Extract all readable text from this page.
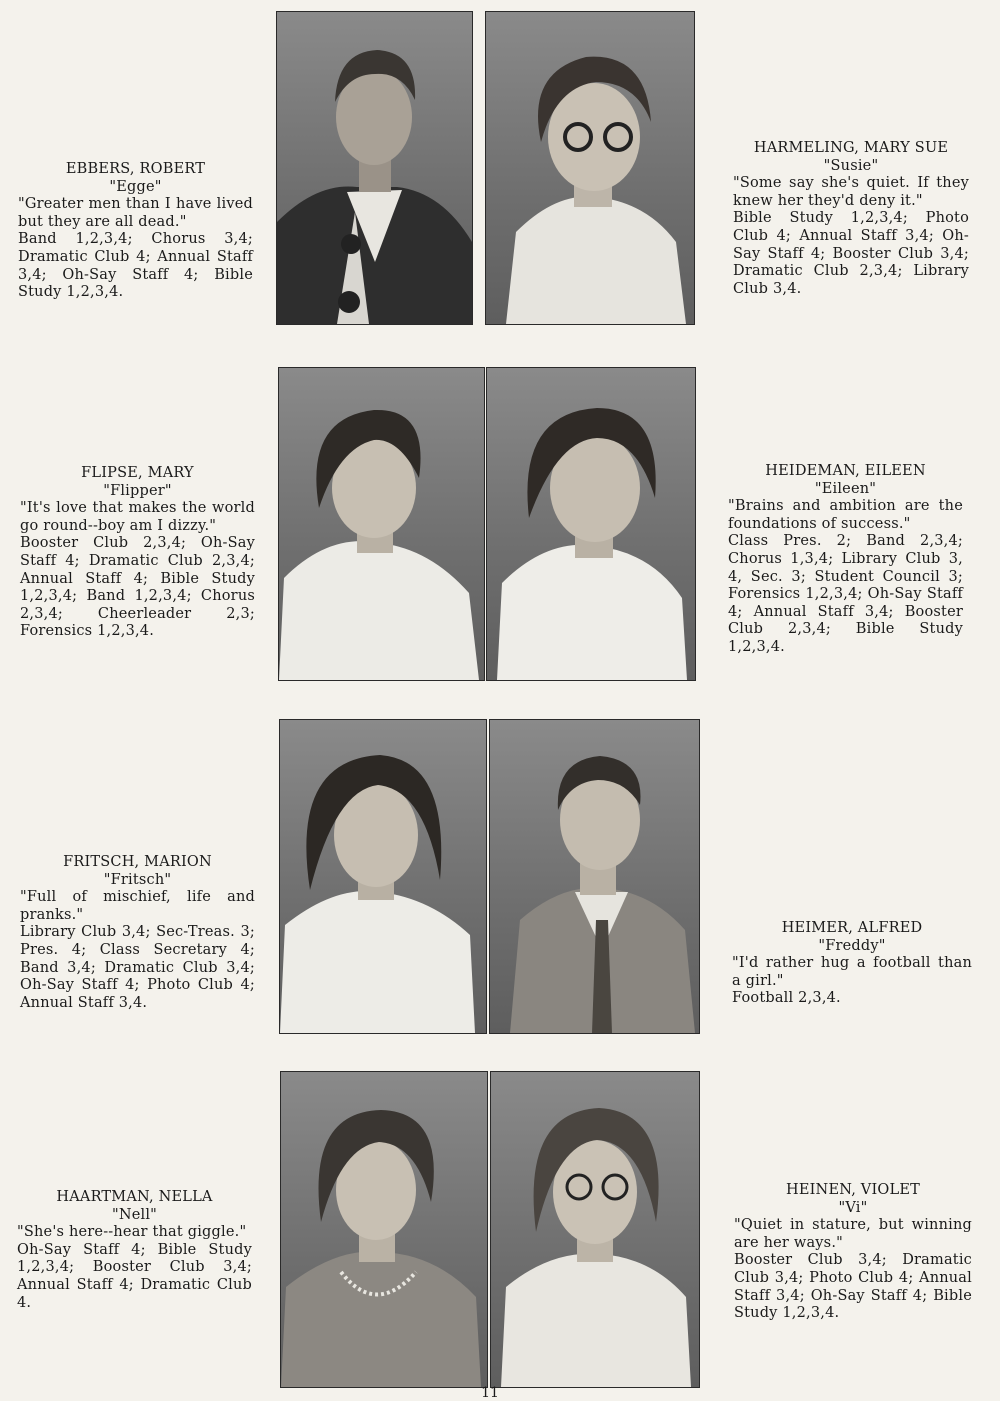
EBBERS, ROBERT
"Egge"
"Greater men than I have lived but they are all dead."
Band 1,2,3,4; Chorus 3,4; Dramatic Club 4; Annual Staff 3,4; Oh-Say Staff 4; Bible Study 1,2,3,4.
HARMELING, MARY SUE
"Susie"
"Some say she's quiet. If they knew her they'd deny it."
Bible Study 1,2,3,4; Photo Club 4; Annual Staff 3,4; Oh-Say Staff 4; Booster Club 3,4; Dramatic Club 2,3,4; Library Club 3,4.
FLIPSE, MARY
"Flipper"
"It's love that makes the world go round--boy am I dizzy."
Booster Club 2,3,4; Oh-Say Staff 4; Dramatic Club 2,3,4; Annual Staff 4; Bible Study 1,2,3,4; Band 1,2,3,4; Chorus 2,3,4; Cheerleader 2,3; Forensics 1,2,3,4.
HEIDEMAN, EILEEN
"Eileen"
"Brains and ambition are the foundations of success."
Class Pres. 2; Band 2,3,4; Chorus 1,3,4; Library Club 3, 4, Sec. 3; Student Council 3; Forensics 1,2,3,4; Oh-Say Staff 4; Annual Staff 3,4; Booster Club 2,3,4; Bible Study 1,2,3,4.
FRITSCH, MARION
"Fritsch"
"Full of mischief, life and pranks."
Library Club 3,4; Sec-Treas. 3; Pres. 4; Class Secretary 4; Band 3,4; Dramatic Club 3,4; Oh-Say Staff 4; Photo Club 4; Annual Staff 3,4.
HEIMER, ALFRED
"Freddy"
"I'd rather hug a football than a girl."
Football 2,3,4.
HAARTMAN, NELLA
"Nell"
"She's here--hear that giggle."
Oh-Say Staff 4; Bible Study 1,2,3,4; Booster Club 3,4; Annual Staff 4; Dramatic Club 4.
HEINEN, VIOLET
"Vi"
"Quiet in stature, but winning are her ways."
Booster Club 3,4; Dramatic Club 3,4; Photo Club 4; Annual Staff 3,4; Oh-Say Staff 4; Bible Study 1,2,3,4.
11
